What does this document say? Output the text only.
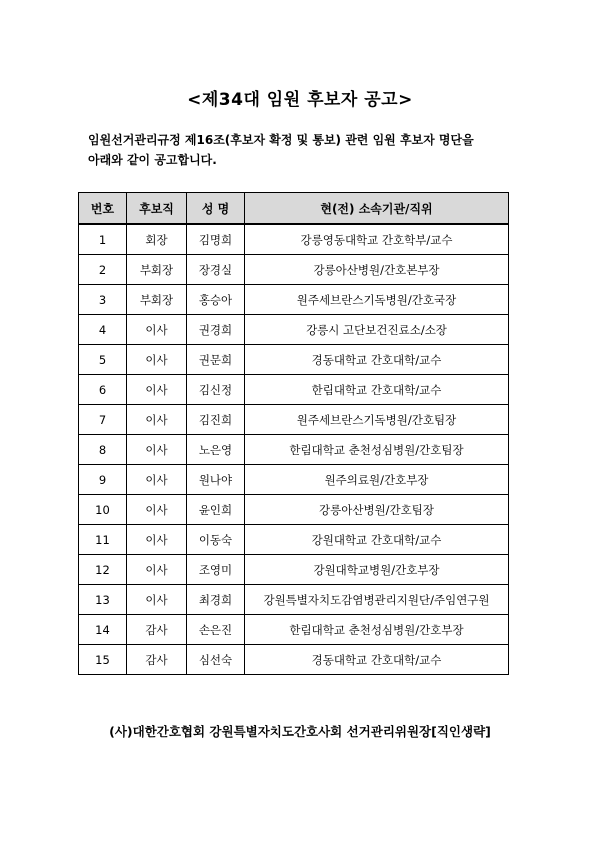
<제34대 임원 후보자 공고>
임원선거관리규정 제16조(후보자 확정 및 통보) 관련 임원 후보자 명단을
아래와 같이 공고합니다.
번호	후보직	성 명	현(전) 소속기관/직위
1	회장	김명희	강릉영동대학교 간호학부/교수
2	부회장	장경실	강릉아산병원/간호본부장
3	부회장	홍승아	원주세브란스기독병원/간호국장
4	이사	권경희	강릉시 고단보건진료소/소장
5	이사	권문희	경동대학교 간호대학/교수
6	이사	김신정	한림대학교 간호대학/교수
7	이사	김진희	원주세브란스기독병원/간호팀장
8	이사	노은영	한림대학교 춘천성심병원/간호팀장
9	이사	원나야	원주의료원/간호부장
10	이사	윤인희	강릉아산병원/간호팀장
11	이사	이동숙	강원대학교 간호대학/교수
12	이사	조영미	강원대학교병원/간호부장
13	이사	최경희	강원특별자치도감염병관리지원단/주임연구원
14	감사	손은진	한림대학교 춘천성심병원/간호부장
15	감사	심선숙	경동대학교 간호대학/교수
(사)대한간호협회 강원특별자치도간호사회 선거관리위원장[직인생략]
